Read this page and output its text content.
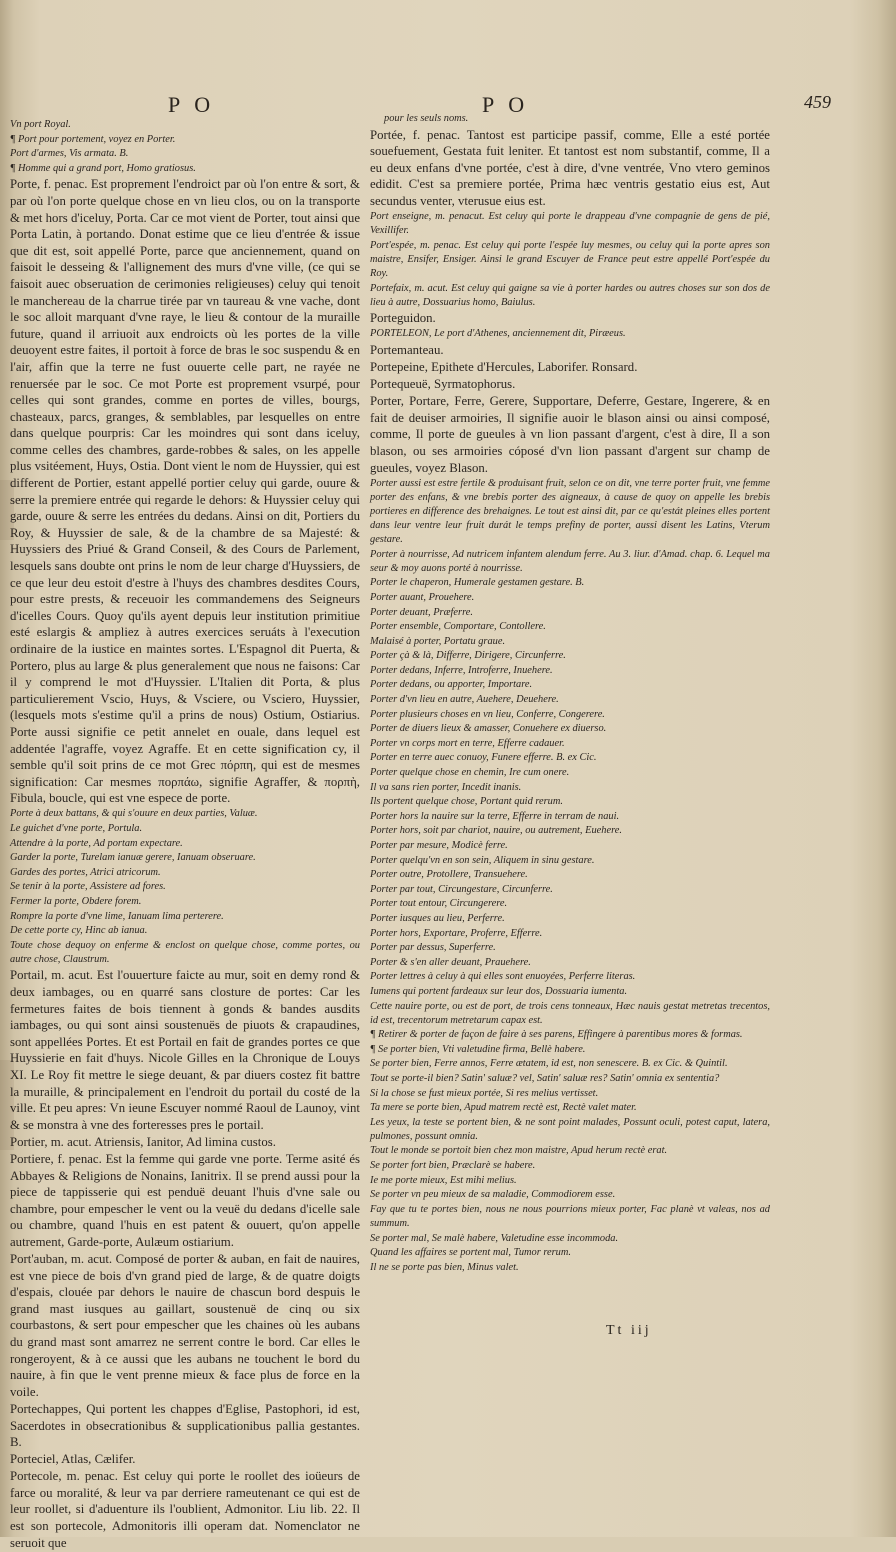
PO	PO	459

Vn port Royal.

¶ Port pour portement, voyez en Porter.

Port d'armes, Vis armata. B.

¶ Homme qui a grand port, Homo gratiosus.

Porte, f. penac. Est proprement l'endroict par où l'on entre & sort, & par où l'on porte quelque chose en vn lieu clos, ou on la transporte & met hors d'iceluy, Porta. Car ce mot vient de Porter, tout ainsi que Porta Latin, à portando. Donat estime que ce lieu d'entrée & issue que dit est, soit appellé Porte, parce que anciennement, quand on faisoit le desseing & l'allignement des murs d'vne ville, (ce qui se faisoit auec obseruation de cerimonies religieuses) celuy qui tenoit le manchereau de la charrue tirée par vn taureau & vne vache, dont le soc alloit marquant d'vne raye, le lieu & contour de la muraille future, quand il arriuoit aux endroicts où les portes de la ville deuoyent estre faites, il portoit à force de bras le soc suspendu & en l'air, affin que la terre ne fust ouuerte celle part, ne rayée ne renuersée par le soc. Ce mot Porte est proprement vsurpé, pour celles qui sont grandes, comme en portes de villes, bourgs, chasteaux, parcs, granges, & semblables, par lesquelles on entre dans quelque pourpris: Car les moindres qui sont dans iceluy, comme celles des chambres, garde-robbes & sales, on les appelle plus vsitéement, Huys, Ostia. Dont vient le nom de Huyssier, qui est different de Portier, estant appellé portier celuy qui garde, ouure & serre la premiere entrée qui regarde le dehors: & Huyssier celuy qui garde, ouure & serre les entrées du dedans. Ainsi on dit, Portiers du Roy, & Huyssier de sale, & de la chambre de sa Majesté: & Huyssiers des Priué & Grand Conseil, & des Cours de Parlement, lesquels sans doubte ont prins le nom de leur charge d'Huyssiers, de ce que leur deu estoit d'estre à l'huys des chambres desdites Cours, pour estre prests, & receuoir les commandemens des Seigneurs d'icelles Cours. Quoy qu'ils ayent depuis leur institution primitiue esté eslargis & ampliez à autres exercices seruáts à l'execution ordinaire de la iustice en maintes sortes. L'Espagnol dit Puerta, & Portero, plus au large & plus generalement que nous ne faisons: Car il y comprend le mot d'Huyssier. L'Italien dit Porta, & plus particulierement Vscio, Huys, & Vsciere, ou Vsciero, Huyssier, (lesquels mots s'estime qu'il a prins de nous) Ostium, Ostiarius. Porte aussi signifie ce petit annelet en ouale, dans lequel est addentée l'agraffe, voyez Agraffe. Et en cette signification cy, il semble qu'il soit prins de ce mot Grec πόρπη, qui est de mesmes signification: Car mesmes πορπάω, signifie Agraffer, & πορπὴ, Fibula, boucle, qui est vne espece de porte.

Porte à deux battans, & qui s'ouure en deux parties, Valuæ.

Le guichet d'vne porte, Portula.

Attendre à la porte, Ad portam expectare.

Garder la porte, Turelam ianuæ gerere, Ianuam obseruare.

Gardes des portes, Atrici atricorum.

Se tenir à la porte, Assistere ad fores.

Fermer la porte, Obdere forem.

Rompre la porte d'vne lime, Ianuam lima perterere.

De cette porte cy, Hinc ab ianua.

Toute chose dequoy on enferme & enclost on quelque chose, comme portes, ou autre chose, Claustrum.

Portail, m. acut. Est l'ouuerture faicte au mur, soit en demy rond & deux iambages, ou en quarré sans closture de portes: Car les fermetures faites de bois tiennent à gonds & bandes ausdits iambages, ou qui sont ainsi soustenuës de piuots & crapaudines, sont appellées Portes. Et est Portail en fait de grandes portes ce que Huyssierie en fait d'huys. Nicole Gilles en la Chronique de Louys XI. Le Roy fit mettre le siege deuant, & par diuers costez fit battre la muraille, & principalement en l'endroit du portail du costé de la ville. Et peu apres: Vn ieune Escuyer nommé Raoul de Launoy, vint & se monstra à vne des forteresses pres le portail.

Portier, m. acut. Atriensis, Ianitor, Ad limina custos.

Portiere, f. penac. Est la femme qui garde vne porte. Terme asité és Abbayes & Religions de Nonains, Ianitrix. Il se prend aussi pour la piece de tappisserie qui est penduë deuant l'huis d'vne sale ou chambre, pour empescher le vent ou la veuë du dedans d'icelle sale ou chambre, quand l'huis en est patent & ouuert, qu'on appelle autrement, Garde-porte, Aulæum ostiarium.

Port'auban, m. acut. Composé de porter & auban, en fait de nauires, est vne piece de bois d'vn grand pied de large, & de quatre doigts d'espais, clouée par dehors le nauire de chascun bord despuis le grand mast iusques au gaillart, soustenuë de cinq ou six courbastons, & sert pour empescher que les chaines où les aubans du grand mast sont amarrez ne serrent contre le bord. Car elles le rongeroyent, & à ce aussi que les aubans ne touchent le bord du nauire, à fin que le vent prenne mieux & face plus de force en la voile.

Portechappes, Qui portent les chappes d'Eglise, Pastophori, id est, Sacerdotes in obsecrationibus & supplicationibus pallia gestantes. B.

Porteciel, Atlas, Cælifer.

Portecole, m. penac. Est celuy qui porte le roollet des ioüeurs de farce ou moralité, & leur va par derriere rameutenant ce qui est de leur roollet, si d'aduenture ils l'oublient, Admonitor. Liu lib. 22. Il est son portecole, Admonitoris illi operam dat. Nomenclator ne seruoit que

pour les seuls noms.

Portée, f. penac. Tantost est participe passif, comme, Elle a esté portée souefuement, Gestata fuit leniter. Et tantost est nom substantif, comme, Il a eu deux enfans d'vne portée, c'est à dire, d'vne ventrée, Vno vtero geminos edidit. C'est sa premiere portée, Prima hæc ventris gestatio eius est, Aut secundus venter, vterusue eius est.

Port enseigne, m. penacut. Est celuy qui porte le drappeau d'vne compagnie de gens de pié, Vexillifer.

Port'espée, m. penac. Est celuy qui porte l'espée luy mesmes, ou celuy qui la porte apres son maistre, Ensifer, Ensiger. Ainsi le grand Escuyer de France peut estre appellé Port'espée du Roy.

Portefaix, m. acut. Est celuy qui gaigne sa vie à porter hardes ou autres choses sur son dos de lieu à autre, Dossuarius homo, Baiulus.

Porteguidon.

PORTELEON, Le port d'Athenes, anciennement dit, Piræeus.

Portemanteau.

Portepeine, Epithete d'Hercules, Laborifer. Ronsard.

Portequeuë, Syrmatophorus.

Porter, Portare, Ferre, Gerere, Supportare, Deferre, Gestare, Ingerere, & en fait de deuiser armoiries, Il signifie auoir le blason ainsi ou ainsi composé, comme, Il porte de gueules à vn lion passant d'argent, c'est à dire, Il a son blason, ou ses armoiries cóposé d'vn lion passant d'argent sur champ de gueules, voyez Blason.

Porter aussi est estre fertile & produisant fruit, selon ce on dit, vne terre porter fruit, vne femme porter des enfans, & vne brebis porter des aigneaux, à cause de quoy on appelle les brebis portieres en difference des brehaignes. Le tout est ainsi dit, par ce qu'estát pleines elles portent dans leur ventre leur fruit durát le temps prefiny de porter, aussi disent les Latins, Vterum gestare.

Porter à nourrisse, Ad nutricem infantem alendum ferre. Au 3. liur. d'Amad. chap. 6. Lequel ma seur & moy auons porté à nourrisse.

Porter le chaperon, Humerale gestamen gestare. B.

Porter auant, Prouehere.

Porter deuant, Præferre.

Porter ensemble, Comportare, Contollere.

Malaisé à porter, Portatu graue.

Porter çà & là, Differre, Dirigere, Circunferre.

Porter dedans, Inferre, Introferre, Inuehere.

Porter dedans, ou apporter, Importare.

Porter d'vn lieu en autre, Auehere, Deuehere.

Porter plusieurs choses en vn lieu, Conferre, Congerere.

Porter de diuers lieux & amasser, Conuehere ex diuerso.

Porter vn corps mort en terre, Efferre cadauer.

Porter en terre auec conuoy, Funere efferre. B. ex Cic.

Porter quelque chose en chemin, Ire cum onere.

Il va sans rien porter, Incedit inanis.

Ils portent quelque chose, Portant quid rerum.

Porter hors la nauire sur la terre, Efferre in terram de naui.

Porter hors, soit par chariot, nauire, ou autrement, Euehere.

Porter par mesure, Modicè ferre.

Porter quelqu'vn en son sein, Aliquem in sinu gestare.

Porter outre, Protollere, Transuehere.

Porter par tout, Circungestare, Circunferre.

Porter tout entour, Circungerere.

Porter iusques au lieu, Perferre.

Porter hors, Exportare, Proferre, Efferre.

Porter par dessus, Superferre.

Porter & s'en aller deuant, Prauehere.

Porter lettres à celuy à qui elles sont enuoyées, Perferre literas.

Iumens qui portent fardeaux sur leur dos, Dossuaria iumenta.

Cette nauire porte, ou est de port, de trois cens tonneaux, Hæc nauis gestat metretas trecentos, id est, trecentorum metretarum capax est.

¶ Retirer & porter de façon de faire à ses parens, Effingere à parentibus mores & formas.

¶ Se porter bien, Vti valetudine firma, Bellè habere.

Se porter bien, Ferre annos, Ferre ætatem, id est, non senescere. B. ex Cic. & Quintil.

Tout se porte-il bien? Satin' saluæ? vel, Satin' saluæ res? Satin' omnia ex sententia?

Si la chose se fust mieux portée, Si res melius vertisset.

Ta mere se porte bien, Apud matrem rectè est, Rectè valet mater.

Les yeux, la teste se portent bien, & ne sont point malades, Possunt oculi, potest caput, latera, pulmones, possunt omnia.

Tout le monde se portoit bien chez mon maistre, Apud herum rectè erat.

Se porter fort bien, Præclarè se habere.

Ie me porte mieux, Est mihi melius.

Se porter vn peu mieux de sa maladie, Commodiorem esse.

Fay que tu te portes bien, nous ne nous pourrions mieux porter, Fac planè vt valeas, nos ad summum.

Se porter mal, Se malè habere, Valetudine esse incommoda.

Quand les affaires se portent mal, Tumor rerum.

Il ne se porte pas bien, Minus valet.

Tt iij
